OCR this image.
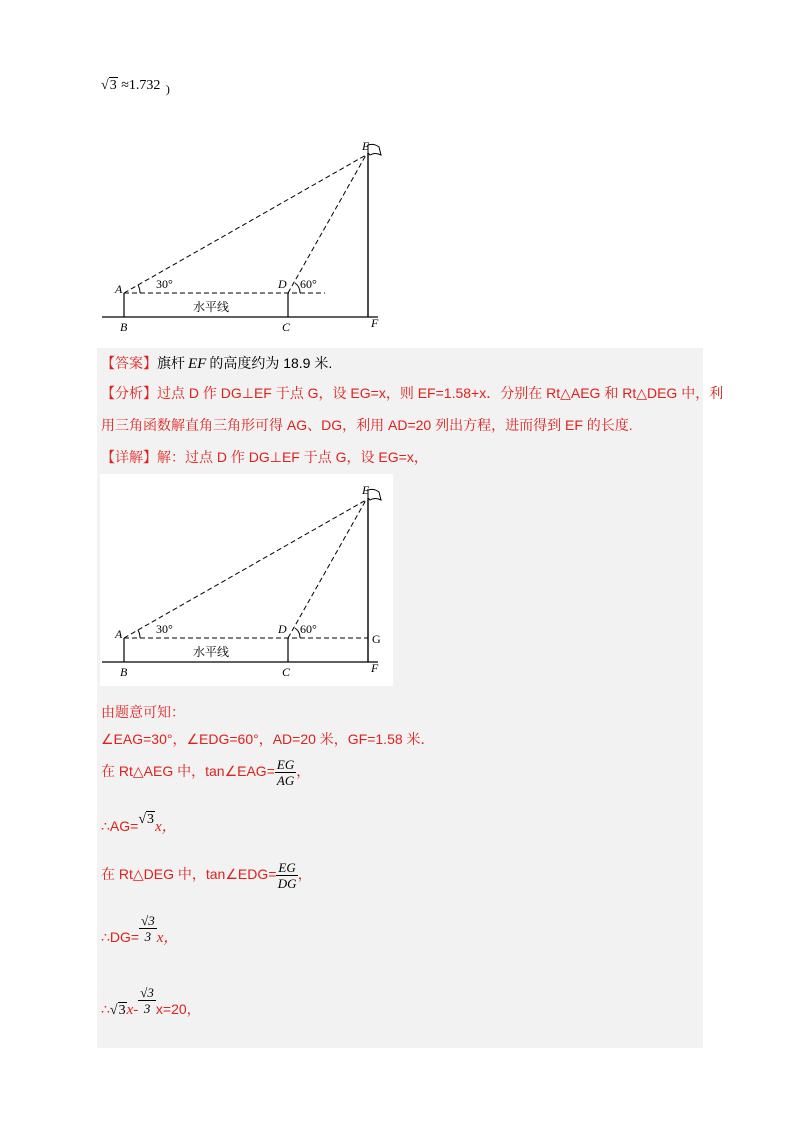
√3 ≈1.732 )
A
B	C
D
E
F
30°	60°
水平线
【答案】旗杆 EF 的高度约为 18.9 米.
【分析】过点 D 作 DG⊥EF 于点 G，设 EG=x，则 EF=1.58+x．分别在 Rt△AEG 和 Rt△DEG 中，利
用三角函数解直角三角形可得 AG、DG，利用 AD=20 列出方程，进而得到 EF 的长度.
【详解】解：过点 D 作 DG⊥EF 于点 G，设 EG=x，
A
B	C
D
E
F
G
30°	60°
水平线
由题意可知：
∠EAG=30°，∠EDG=60°，AD=20 米，GF=1.58 米．
在 Rt△AEG 中，tan∠EAG= $\frac{EG}{AG}$ ，
∴AG=√3x，
在 Rt△DEG 中，tan∠EDG= $\frac{EG}{DG}$ ，
∴DG= $\frac{√3}{3}$ x，
∴√3x- $\frac{√3}{3} x=20$，
